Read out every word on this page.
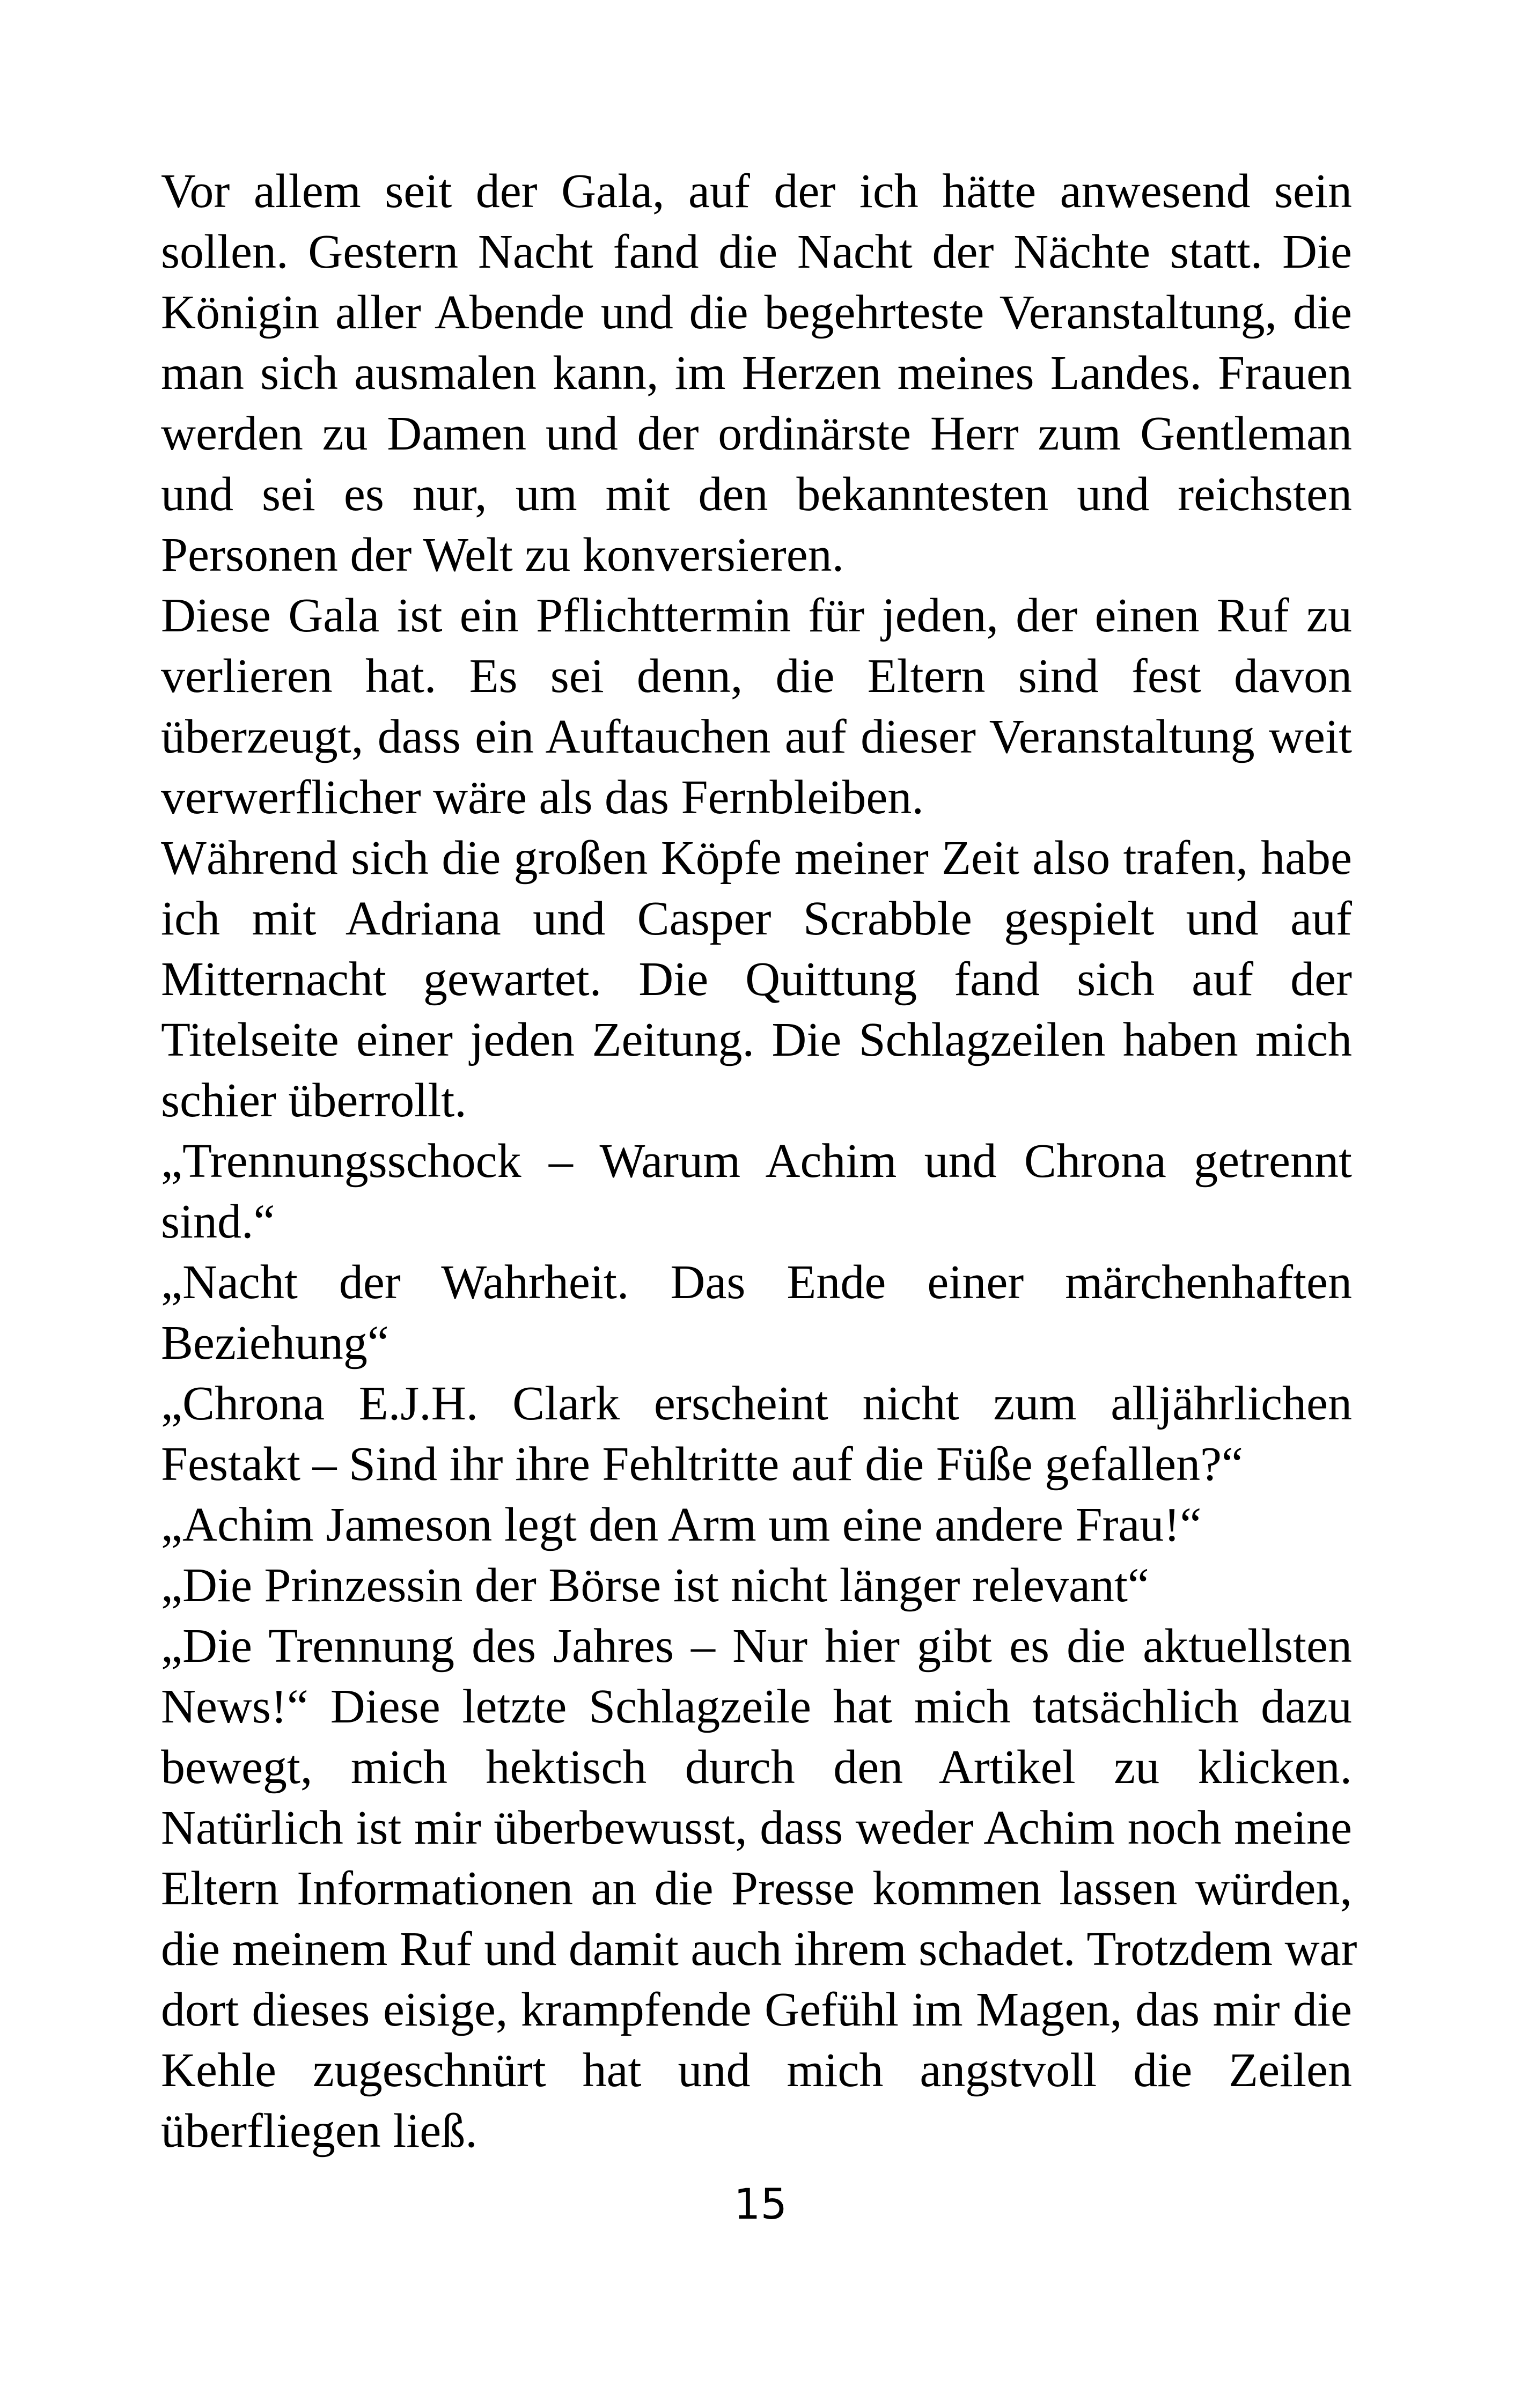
Vor allem seit der Gala, auf der ich hätte anwesend sein
sollen. Gestern Nacht fand die Nacht der Nächte statt. Die
Königin aller Abende und die begehrteste Veranstaltung, die
man sich ausmalen kann, im Herzen meines Landes. Frauen
werden zu Damen und der ordinärste Herr zum Gentleman
und sei es nur, um mit den bekanntesten und reichsten
Personen der Welt zu konversieren.
Diese Gala ist ein Pflichttermin für jeden, der einen Ruf zu
verlieren hat. Es sei denn, die Eltern sind fest davon
überzeugt, dass ein Auftauchen auf dieser Veranstaltung weit
verwerflicher wäre als das Fernbleiben.
Während sich die großen Köpfe meiner Zeit also trafen, habe
ich mit Adriana und Casper Scrabble gespielt und auf
Mitternacht gewartet. Die Quittung fand sich auf der
Titelseite einer jeden Zeitung. Die Schlagzeilen haben mich
schier überrollt.
„Trennungsschock – Warum Achim und Chrona getrennt
sind.“
„Nacht der Wahrheit. Das Ende einer märchenhaften
Beziehung“
„Chrona E.J.H. Clark erscheint nicht zum alljährlichen
Festakt – Sind ihr ihre Fehltritte auf die Füße gefallen?“
„Achim Jameson legt den Arm um eine andere Frau!“
„Die Prinzessin der Börse ist nicht länger relevant“
„Die Trennung des Jahres – Nur hier gibt es die aktuellsten
News!“ Diese letzte Schlagzeile hat mich tatsächlich dazu
bewegt, mich hektisch durch den Artikel zu klicken.
Natürlich ist mir überbewusst, dass weder Achim noch meine
Eltern Informationen an die Presse kommen lassen würden,
die meinem Ruf und damit auch ihrem schadet. Trotzdem war
dort dieses eisige, krampfende Gefühl im Magen, das mir die
Kehle zugeschnürt hat und mich angstvoll die Zeilen
überfliegen ließ.
15
